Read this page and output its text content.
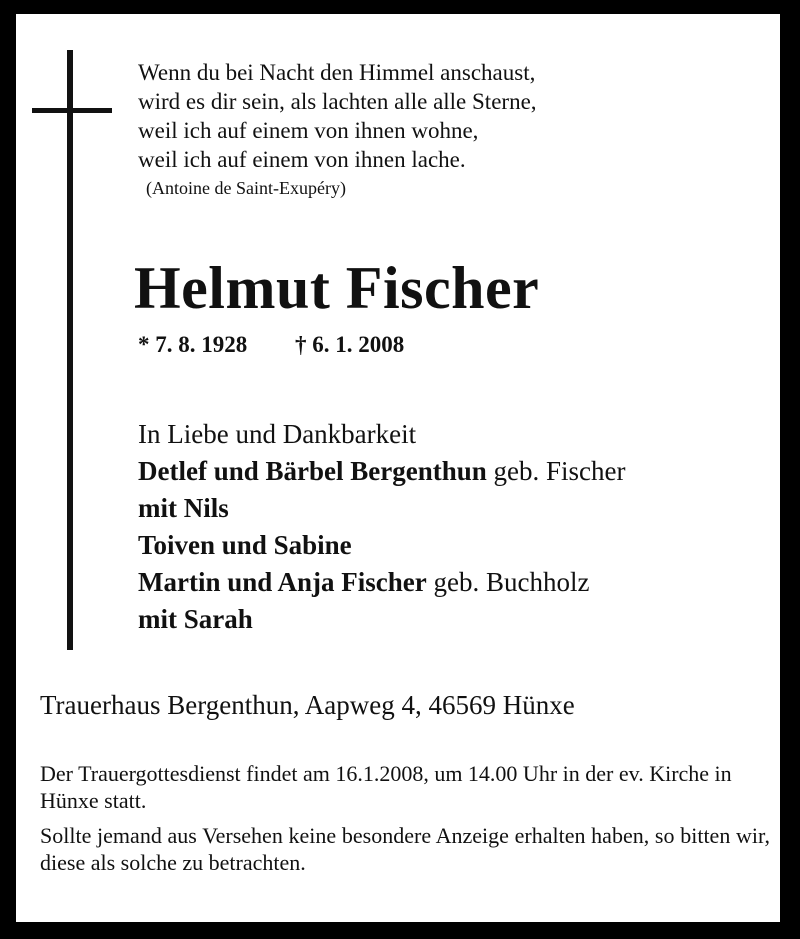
Wenn du bei Nacht den Himmel anschaust,
wird es dir sein, als lachten alle alle Sterne,
weil ich auf einem von ihnen wohne,
weil ich auf einem von ihnen lache.
(Antoine de Saint-Exupéry)
Helmut Fischer
* 7. 8. 1928 † 6. 1. 2008
In Liebe und Dankbarkeit
Detlef und Bärbel Bergenthun geb. Fischer
mit Nils
Toiven und Sabine
Martin und Anja Fischer geb. Buchholz
mit Sarah
Trauerhaus Bergenthun, Aapweg 4, 46569 Hünxe
Der Trauergottesdienst findet am 16.1.2008, um 14.00 Uhr in der ev. Kirche in Hünxe statt.
Sollte jemand aus Versehen keine besondere Anzeige erhalten haben, so bitten wir, diese als solche zu betrachten.
